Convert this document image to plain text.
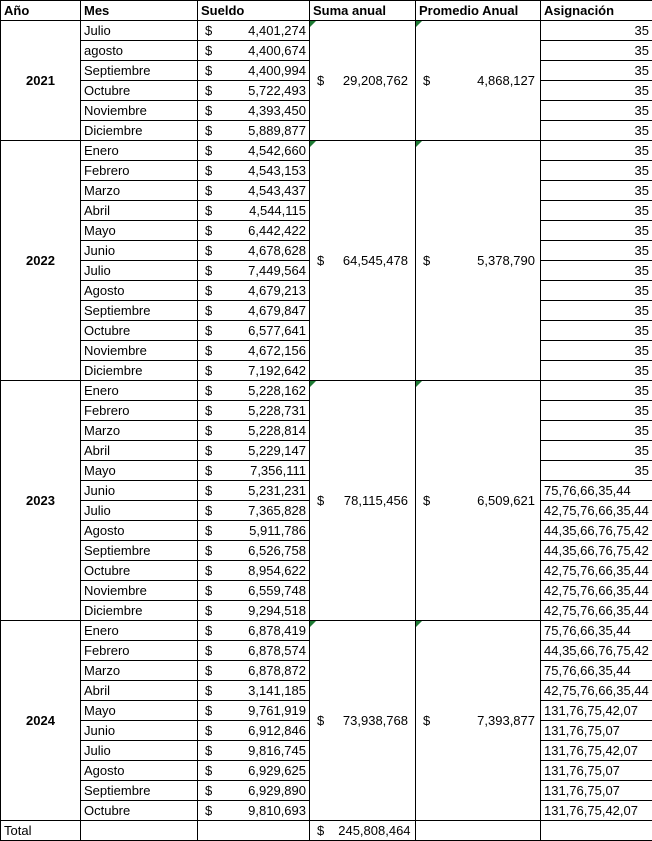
Año	Mes	Sueldo	Suma anual	Promedio Anual	Asignación
2021	Julio	$ 4,401,274	$ 29,208,762	$ 4,868,127	35
	agosto	$ 4,400,674			35
	Septiembre	$ 4,400,994			35
	Octubre	$ 5,722,493			35
	Noviembre	$ 4,393,450			35
	Diciembre	$ 5,889,877			35
2022	Enero	$ 4,542,660	$ 64,545,478	$ 5,378,790	35
	Febrero	$ 4,543,153			35
	Marzo	$ 4,543,437			35
	Abril	$ 4,544,115			35
	Mayo	$ 6,442,422			35
	Junio	$ 4,678,628			35
	Julio	$ 7,449,564			35
	Agosto	$ 4,679,213			35
	Septiembre	$ 4,679,847			35
	Octubre	$ 6,577,641			35
	Noviembre	$ 4,672,156			35
	Diciembre	$ 7,192,642			35
2023	Enero	$ 5,228,162	$ 78,115,456	$ 6,509,621	35
	Febrero	$ 5,228,731			35
	Marzo	$ 5,228,814			35
	Abril	$ 5,229,147			35
	Mayo	$ 7,356,111			35
	Junio	$ 5,231,231			75,76,66,35,44
	Julio	$ 7,365,828			42,75,76,66,35,44
	Agosto	$ 5,911,786			44,35,66,76,75,42
	Septiembre	$ 6,526,758			44,35,66,76,75,42
	Octubre	$ 8,954,622			42,75,76,66,35,44
	Noviembre	$ 6,559,748			42,75,76,66,35,44
	Diciembre	$ 9,294,518			42,75,76,66,35,44
2024	Enero	$ 6,878,419	$ 73,938,768	$ 7,393,877	75,76,66,35,44
	Febrero	$ 6,878,574			44,35,66,76,75,42
	Marzo	$ 6,878,872			75,76,66,35,44
	Abril	$ 3,141,185			42,75,76,66,35,44
	Mayo	$ 9,761,919			131,76,75,42,07
	Junio	$ 6,912,846			131,76,75,07
	Julio	$ 9,816,745			131,76,75,42,07
	Agosto	$ 6,929,625			131,76,75,07
	Septiembre	$ 6,929,890			131,76,75,07
	Octubre	$ 9,810,693			131,76,75,42,07
Total			$ 245,808,464		
